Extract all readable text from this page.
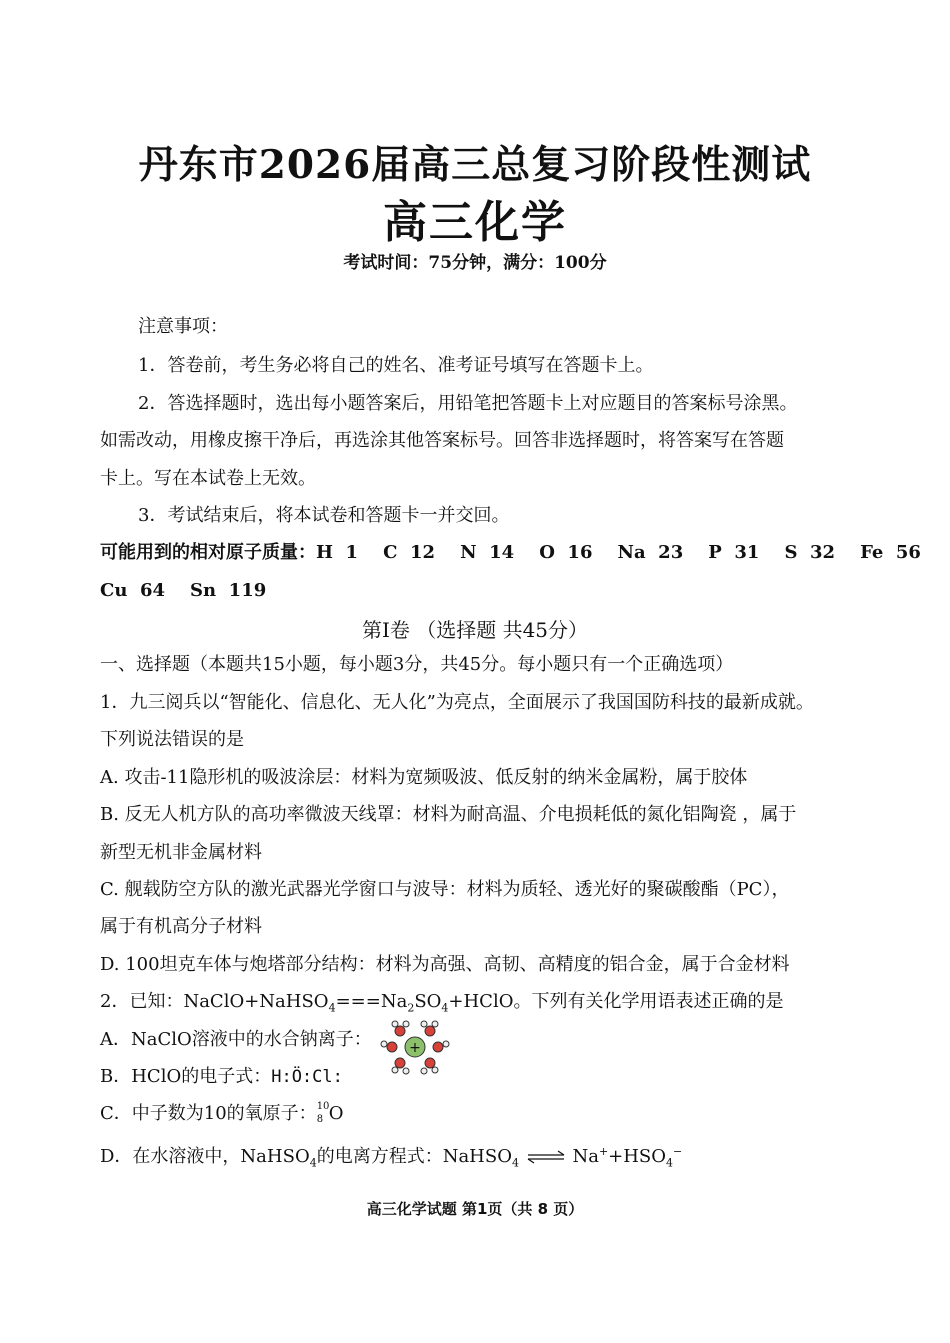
丹东市2026届高三总复习阶段性测试
高三化学
考试时间：75分钟，满分：100分
注意事项：
1．答卷前，考生务必将自己的姓名、准考证号填写在答题卡上。
2．答选择题时，选出每小题答案后，用铅笔把答题卡上对应题目的答案标号涂黑。
如需改动，用橡皮擦干净后，再选涂其他答案标号。回答非选择题时，将答案写在答题
卡上。写在本试卷上无效。
3．考试结束后，将本试卷和答题卡一并交回。
可能用到的相对原子质量：H  1    C  12    N  14    O  16    Na  23    P  31    S  32    Fe  56
Cu  64    Sn  119
第Ⅰ卷 （选择题 共45分）
一、选择题（本题共15小题，每小题3分，共45分。每小题只有一个正确选项）
1．九三阅兵以“智能化、信息化、无人化”为亮点，全面展示了我国国防科技的最新成就。
下列说法错误的是
A. 攻击-11隐形机的吸波涂层：材料为宽频吸波、低反射的纳米金属粉，属于胶体
B. 反无人机方队的高功率微波天线罩：材料为耐高温、介电损耗低的氮化铝陶瓷 ，属于
新型无机非金属材料
C. 舰载防空方队的激光武器光学窗口与波导：材料为质轻、透光好的聚碳酸酯（PC），
属于有机高分子材料
D. 100坦克车体与炮塔部分结构：材料为高强、高韧、高精度的铝合金，属于合金材料
2．已知：$NaClO+NaHSO_4===Na_2SO_4+HClO$。下列有关化学用语表述正确的是
A．NaClO溶液中的水合钠离子：	+
B．HClO的电子式：H:Ö:Cl:
C．中子数为10的氧原子： 10
8 O
D．在水溶液中，NaHSO$_4$的电离方程式：NaHSO$_4$ ⇌ $Na^++HSO_4^-$
高三化学试题 第1页（共 8 页）
